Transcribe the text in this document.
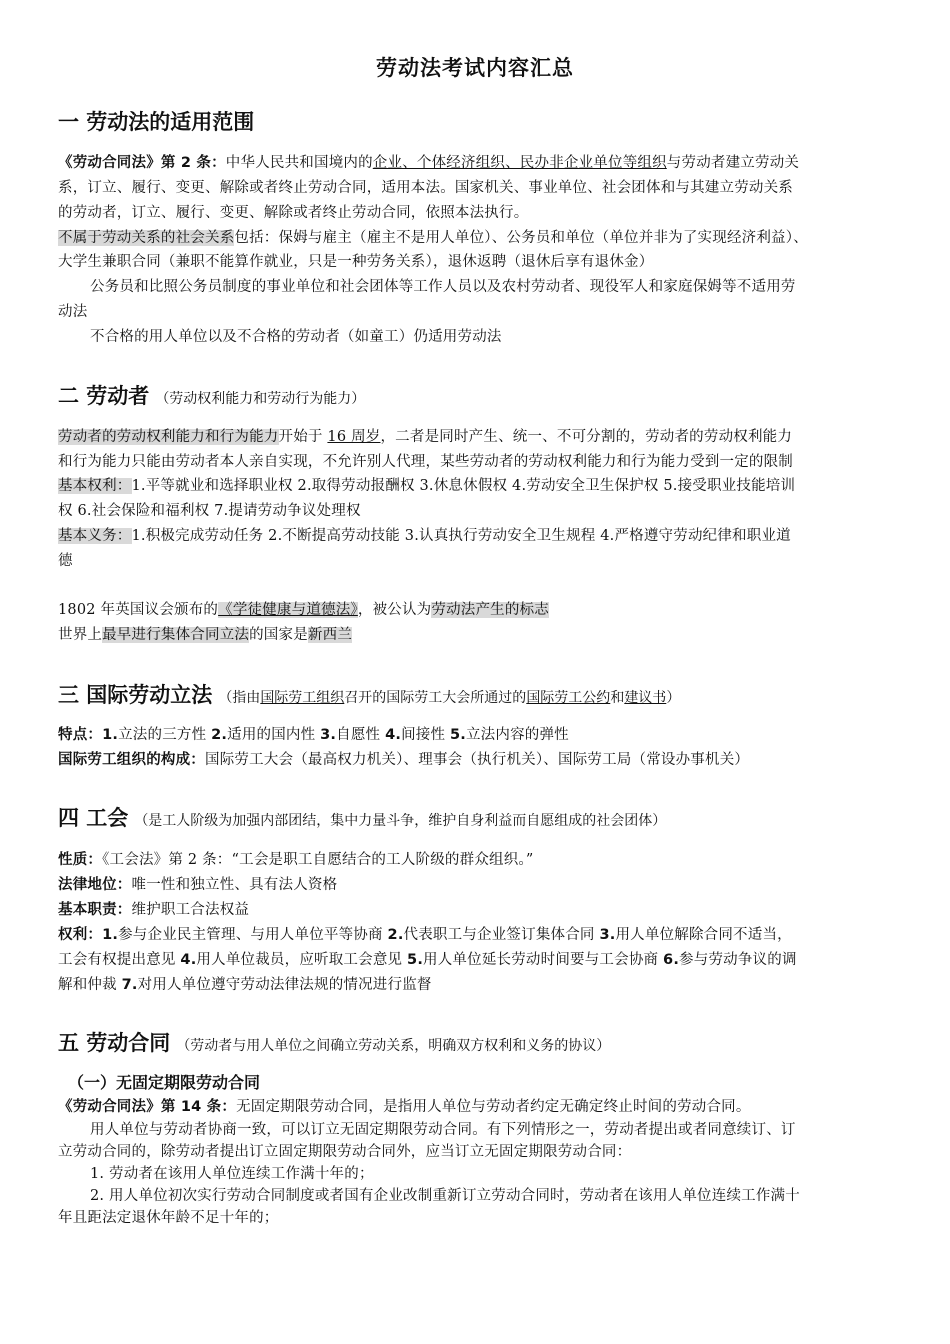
劳动法考试内容汇总
一 劳动法的适用范围
《劳动合同法》第 2 条：中华人民共和国境内的企业、个体经济组织、民办非企业单位等组织与劳动者建立劳动关
系，订立、履行、变更、解除或者终止劳动合同，适用本法。国家机关、事业单位、社会团体和与其建立劳动关系
的劳动者，订立、履行、变更、解除或者终止劳动合同，依照本法执行。
不属于劳动关系的社会关系包括：保姆与雇主（雇主不是用人单位）、公务员和单位（单位并非为了实现经济利益）、
大学生兼职合同（兼职不能算作就业，只是一种劳务关系），退休返聘（退休后享有退休金）
公务员和比照公务员制度的事业单位和社会团体等工作人员以及农村劳动者、现役军人和家庭保姆等不适用劳
动法
不合格的用人单位以及不合格的劳动者（如童工）仍适用劳动法
二 劳动者 （劳动权利能力和劳动行为能力）
劳动者的劳动权利能力和行为能力开始于 16 周岁，二者是同时产生、统一、不可分割的，劳动者的劳动权利能力
和行为能力只能由劳动者本人亲自实现，不允许别人代理，某些劳动者的劳动权利能力和行为能力受到一定的限制
基本权利：1.平等就业和选择职业权 2.取得劳动报酬权 3.休息休假权 4.劳动安全卫生保护权 5.接受职业技能培训
权 6.社会保险和福利权 7.提请劳动争议处理权
基本义务：1.积极完成劳动任务 2.不断提高劳动技能 3.认真执行劳动安全卫生规程 4.严格遵守劳动纪律和职业道
德
1802 年英国议会颁布的《学徒健康与道德法》，被公认为劳动法产生的标志
世界上最早进行集体合同立法的国家是新西兰
三 国际劳动立法 （指由国际劳工组织召开的国际劳工大会所通过的国际劳工公约和建议书）
特点：1.立法的三方性 2.适用的国内性 3.自愿性 4.间接性 5.立法内容的弹性
国际劳工组织的构成：国际劳工大会（最高权力机关）、理事会（执行机关）、国际劳工局（常设办事机关）
四 工会 （是工人阶级为加强内部团结，集中力量斗争，维护自身利益而自愿组成的社会团体）
性质：《工会法》第 2 条：“工会是职工自愿结合的工人阶级的群众组织。”
法律地位：唯一性和独立性、具有法人资格
基本职责：维护职工合法权益
权利：1.参与企业民主管理、与用人单位平等协商 2.代表职工与企业签订集体合同 3.用人单位解除合同不适当，
工会有权提出意见 4.用人单位裁员，应听取工会意见 5.用人单位延长劳动时间要与工会协商 6.参与劳动争议的调
解和仲裁 7.对用人单位遵守劳动法律法规的情况进行监督
五 劳动合同 （劳动者与用人单位之间确立劳动关系，明确双方权利和义务的协议）
（一）无固定期限劳动合同
《劳动合同法》第 14 条：无固定期限劳动合同，是指用人单位与劳动者约定无确定终止时间的劳动合同。
用人单位与劳动者协商一致，可以订立无固定期限劳动合同。有下列情形之一，劳动者提出或者同意续订、订
立劳动合同的，除劳动者提出订立固定期限劳动合同外，应当订立无固定期限劳动合同：
1. 劳动者在该用人单位连续工作满十年的；
2. 用人单位初次实行劳动合同制度或者国有企业改制重新订立劳动合同时，劳动者在该用人单位连续工作满十
年且距法定退休年龄不足十年的；
